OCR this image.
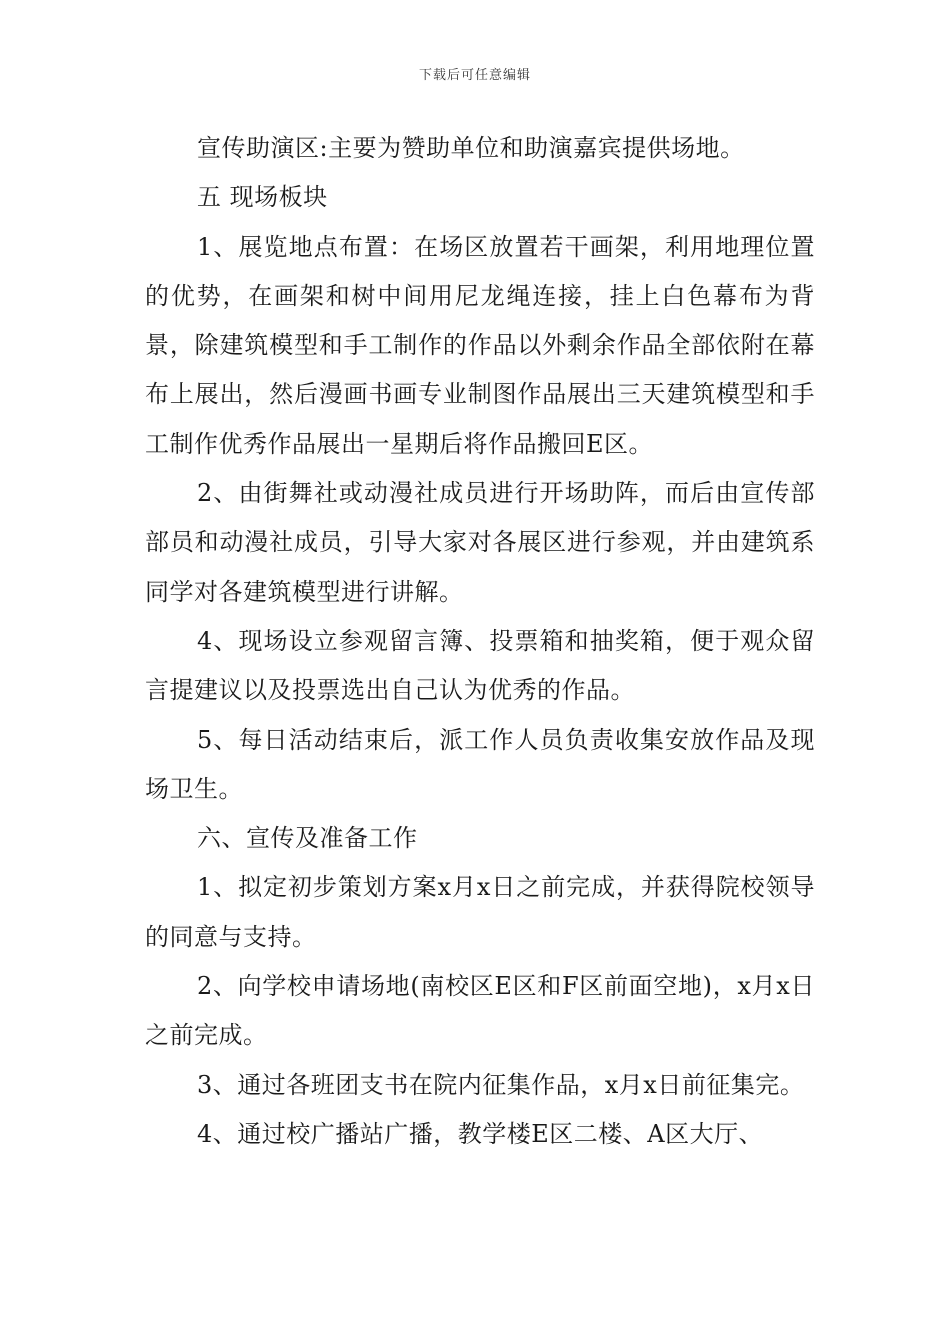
下载后可任意编辑

宣传助演区:主要为赞助单位和助演嘉宾提供场地。

五 现场板块

1、展览地点布置：在场区放置若干画架，利用地理位置的优势，在画架和树中间用尼龙绳连接，挂上白色幕布为背景，除建筑模型和手工制作的作品以外剩余作品全部依附在幕布上展出，然后漫画书画专业制图作品展出三天建筑模型和手工制作优秀作品展出一星期后将作品搬回E区。

2、由街舞社或动漫社成员进行开场助阵，而后由宣传部部员和动漫社成员，引导大家对各展区进行参观，并由建筑系同学对各建筑模型进行讲解。

4、现场设立参观留言簿、投票箱和抽奖箱，便于观众留言提建议以及投票选出自己认为优秀的作品。

5、每日活动结束后，派工作人员负责收集安放作品及现场卫生。

六、宣传及准备工作

1、拟定初步策划方案x月x日之前完成，并获得院校领导的同意与支持。

2、向学校申请场地(南校区E区和F区前面空地)，x月x日之前完成。

3、通过各班团支书在院内征集作品，x月x日前征集完。

4、通过校广播站广播，教学楼E区二楼、A区大厅、
